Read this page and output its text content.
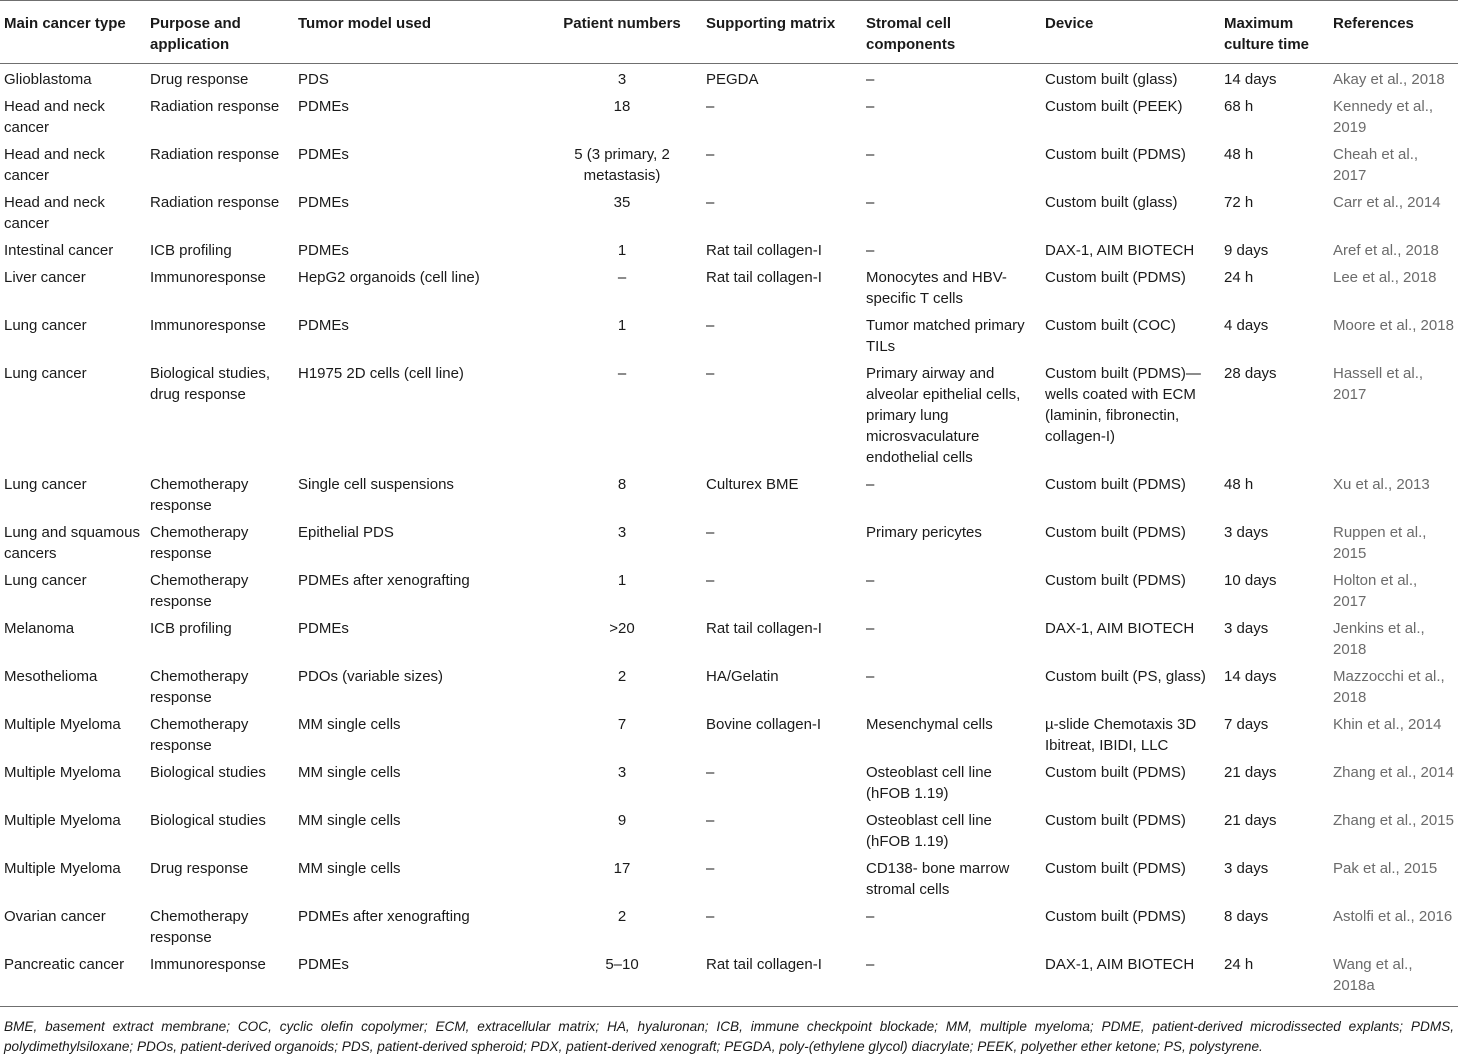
Main cancer type	Purpose and application	Tumor model used	Patient numbers	Supporting matrix	Stromal cell components	Device	Maximum culture time	References
Glioblastoma	Drug response	PDS	3	PEGDA	–	Custom built (glass)	14 days	Akay et al., 2018
Head and neck cancer	Radiation response	PDMEs	18	–	–	Custom built (PEEK)	68 h	Kennedy et al., 2019
Head and neck cancer	Radiation response	PDMEs	5 (3 primary, 2 metastasis)	–	–	Custom built (PDMS)	48 h	Cheah et al., 2017
Head and neck cancer	Radiation response	PDMEs	35	–	–	Custom built (glass)	72 h	Carr et al., 2014
Intestinal cancer	ICB profiling	PDMEs	1	Rat tail collagen-I	–	DAX-1, AIM BIOTECH	9 days	Aref et al., 2018
Liver cancer	Immunoresponse	HepG2 organoids (cell line)	–	Rat tail collagen-I	Monocytes and HBV-specific T cells	Custom built (PDMS)	24 h	Lee et al., 2018
Lung cancer	Immunoresponse	PDMEs	1	–	Tumor matched primary TILs	Custom built (COC)	4 days	Moore et al., 2018
Lung cancer	Biological studies, drug response	H1975 2D cells (cell line)	–	–	Primary airway and alveolar epithelial cells, primary lung microsvaculature endothelial cells	Custom built (PDMS)—wells coated with ECM (laminin, fibronectin, collagen-I)	28 days	Hassell et al., 2017
Lung cancer	Chemotherapy response	Single cell suspensions	8	Culturex BME	–	Custom built (PDMS)	48 h	Xu et al., 2013
Lung and squamous cancers	Chemotherapy response	Epithelial PDS	3	–	Primary pericytes	Custom built (PDMS)	3 days	Ruppen et al., 2015
Lung cancer	Chemotherapy response	PDMEs after xenografting	1	–	–	Custom built (PDMS)	10 days	Holton et al., 2017
Melanoma	ICB profiling	PDMEs	>20	Rat tail collagen-I	–	DAX-1, AIM BIOTECH	3 days	Jenkins et al., 2018
Mesothelioma	Chemotherapy response	PDOs (variable sizes)	2	HA/Gelatin	–	Custom built (PS, glass)	14 days	Mazzocchi et al., 2018
Multiple Myeloma	Chemotherapy response	MM single cells	7	Bovine collagen-I	Mesenchymal cells	µ-slide Chemotaxis 3D Ibitreat, IBIDI, LLC	7 days	Khin et al., 2014
Multiple Myeloma	Biological studies	MM single cells	3	–	Osteoblast cell line (hFOB 1.19)	Custom built (PDMS)	21 days	Zhang et al., 2014
Multiple Myeloma	Biological studies	MM single cells	9	–	Osteoblast cell line (hFOB 1.19)	Custom built (PDMS)	21 days	Zhang et al., 2015
Multiple Myeloma	Drug response	MM single cells	17	–	CD138- bone marrow stromal cells	Custom built (PDMS)	3 days	Pak et al., 2015
Ovarian cancer	Chemotherapy response	PDMEs after xenografting	2	–	–	Custom built (PDMS)	8 days	Astolfi et al., 2016
Pancreatic cancer	Immunoresponse	PDMEs	5–10	Rat tail collagen-I	–	DAX-1, AIM BIOTECH	24 h	Wang et al., 2018a
BME, basement extract membrane; COC, cyclic olefin copolymer; ECM, extracellular matrix; HA, hyaluronan; ICB, immune checkpoint blockade; MM, multiple myeloma; PDME, patient-derived microdissected explants; PDMS, polydimethylsiloxane; PDOs, patient-derived organoids; PDS, patient-derived spheroid; PDX, patient-derived xenograft; PEGDA, poly-(ethylene glycol) diacrylate; PEEK, polyether ether ketone; PS, polystyrene.
